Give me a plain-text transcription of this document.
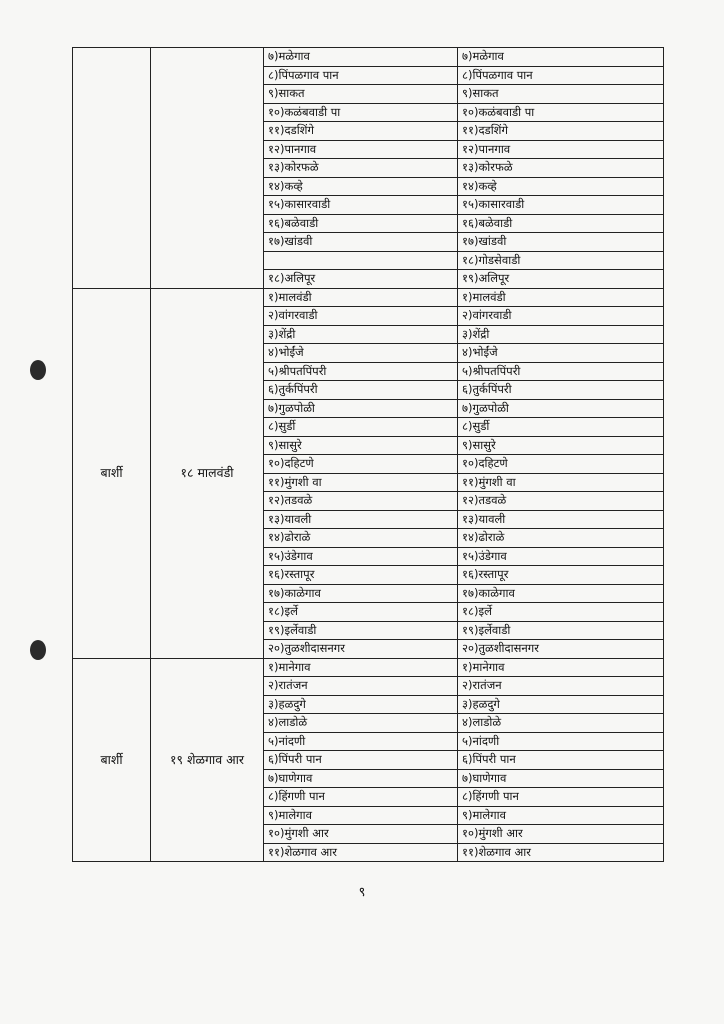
		७)मळेगाव	७)मळेगाव
		८)पिंपळगाव पान	८)पिंपळगाव पान
		९)साकत	९)साकत
		१०)कळंबवाडी पा	१०)कळंबवाडी पा
		११)दडशिंगे	११)दडशिंगे
		१२)पानगाव	१२)पानगाव
		१३)कोरफळे	१३)कोरफळे
		१४)कव्हे	१४)कव्हे
		१५)कासारवाडी	१५)कासारवाडी
		१६)बळेवाडी	१६)बळेवाडी
		१७)खांडवी	१७)खांडवी
			१८)गोडसेवाडी
		१८)अलिपूर	१९)अलिपूर
बार्शी	१८ मालवंडी	१)मालवंडी	१)मालवंडी
		२)वांगरवाडी	२)वांगरवाडी
		३)शेंद्री	३)शेंद्री
		४)भोईंजे	४)भोईंजे
		५)श्रीपतपिंपरी	५)श्रीपतपिंपरी
		६)तुर्कपिंपरी	६)तुर्कपिंपरी
		७)गुळपोळी	७)गुळपोळी
		८)सुर्डी	८)सुर्डी
		९)सासुरे	९)सासुरे
		१०)दहिटणे	१०)दहिटणे
		११)मुंगशी वा	११)मुंगशी वा
		१२)तडवळे	१२)तडवळे
		१३)यावली	१३)यावली
		१४)ढोराळे	१४)ढोराळे
		१५)उंडेगाव	१५)उंडेगाव
		१६)रस्तापूर	१६)रस्तापूर
		१७)काळेगाव	१७)काळेगाव
		१८)इर्ले	१८)इर्ले
		१९)इर्लेवाडी	१९)इर्लेवाडी
		२०)तुळशीदासनगर	२०)तुळशीदासनगर
बार्शी	१९ शेळगाव आर	१)मानेगाव	१)मानेगाव
		२)रातंजन	२)रातंजन
		३)हळदुगे	३)हळदुगे
		४)लाडोळे	४)लाडोळे
		५)नांदणी	५)नांदणी
		६)पिंपरी पान	६)पिंपरी पान
		७)घाणेगाव	७)घाणेगाव
		८)हिंगणी पान	८)हिंगणी पान
		९)मालेगाव	९)मालेगाव
		१०)मुंगशी आर	१०)मुंगशी आर
		११)शेळगाव आर	११)शेळगाव आर
९
